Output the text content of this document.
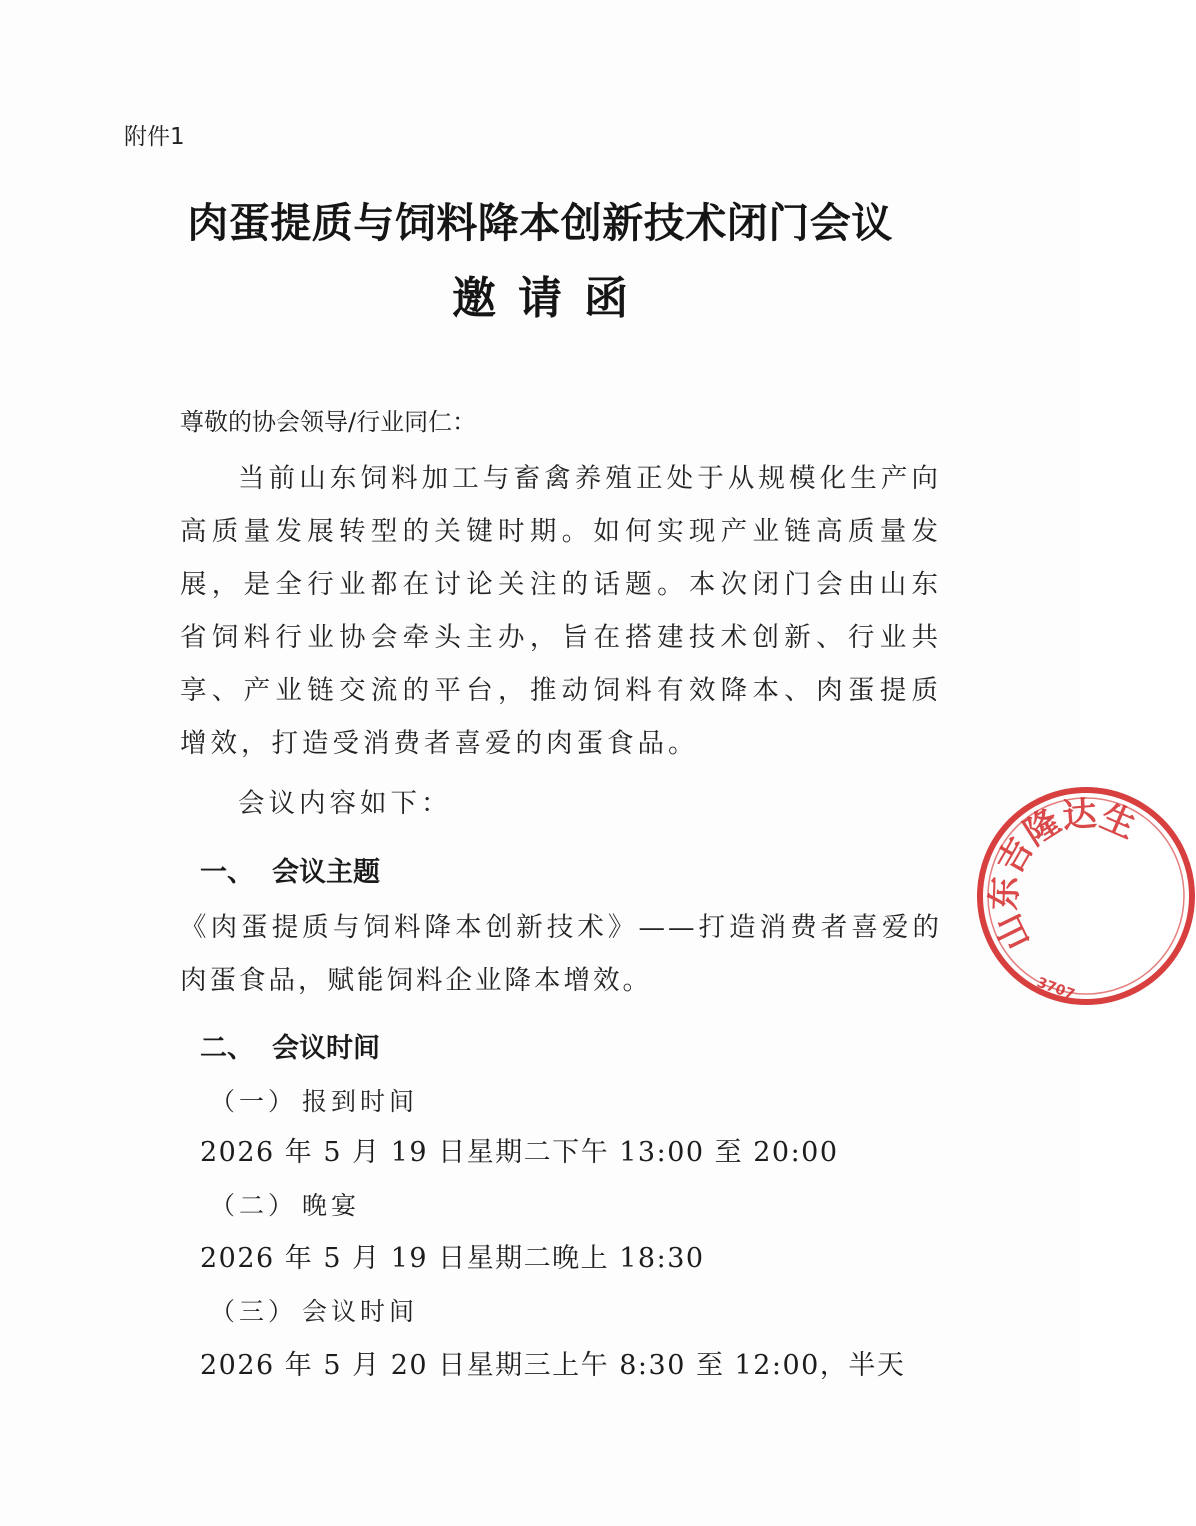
附件1
肉蛋提质与饲料降本创新技术闭门会议
邀请函
尊敬的协会领导/行业同仁：
当前山东饲料加工与畜禽养殖正处于从规模化生产向高质量发展转型的关键时期。如何实现产业链高质量发展，是全行业都在讨论关注的话题。本次闭门会由山东省饲料行业协会牵头主办，旨在搭建技术创新、行业共享、产业链交流的平台，推动饲料有效降本、肉蛋提质增效，打造受消费者喜爱的肉蛋食品。
会议内容如下：
一、 会议主题
《肉蛋提质与饲料降本创新技术》——打造消费者喜爱的肉蛋食品，赋能饲料企业降本增效。
二、 会议时间
（一） 报到时间
2026 年 5 月 19 日星期二下午 13:00 至 20:00
（二） 晚宴
2026 年 5 月 19 日星期二晚上 18:30
（三） 会议时间
2026 年 5 月 20 日星期三上午 8:30 至 12:00，半天
山东吉隆达生
3707
